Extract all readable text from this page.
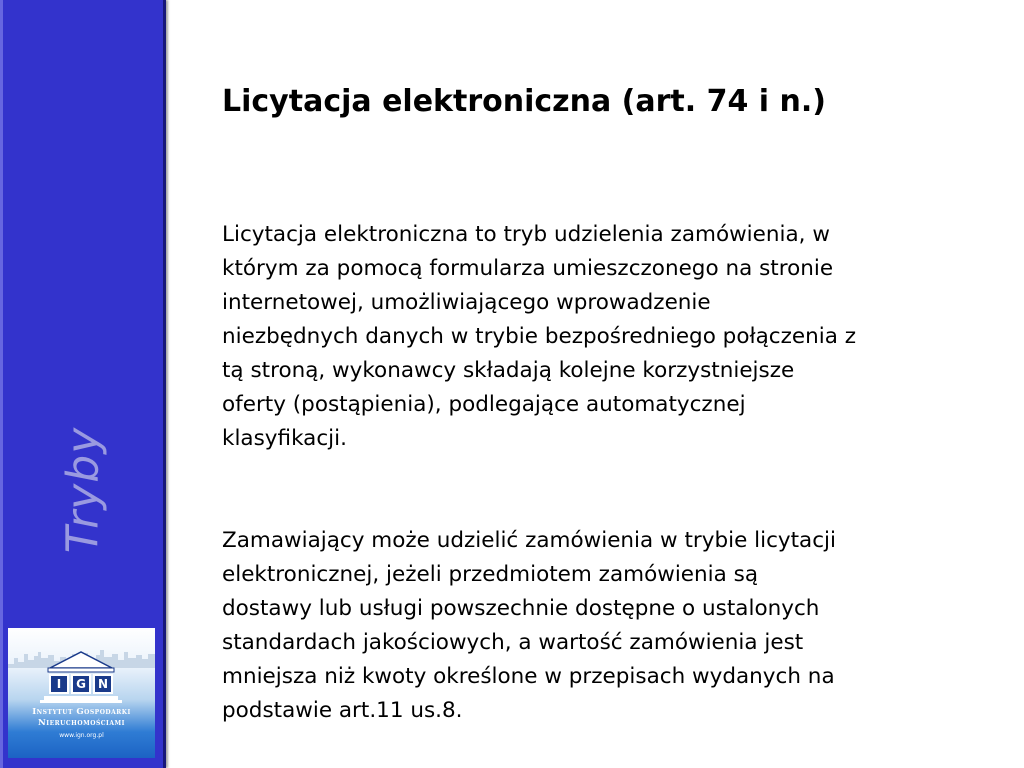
Tryby
I	G	N
Instytut Gospodarki
Nieruchomościami
www.ign.org.pl
Licytacja elektroniczna (art. 74 i n.)

Licytacja elektroniczna to tryb udzielenia zamówienia, w
którym za pomocą formularza umieszczonego na stronie
internetowej, umożliwiającego wprowadzenie
niezbędnych danych w trybie bezpośredniego połączenia z
tą stroną, wykonawcy składają kolejne korzystniejsze
oferty (postąpienia), podlegające automatycznej
klasyfikacji.

Zamawiający może udzielić zamówienia w trybie licytacji
elektronicznej, jeżeli przedmiotem zamówienia są
dostawy lub usługi powszechnie dostępne o ustalonych
standardach jakościowych, a wartość zamówienia jest
mniejsza niż kwoty określone w przepisach wydanych na
podstawie art.11 us.8.
